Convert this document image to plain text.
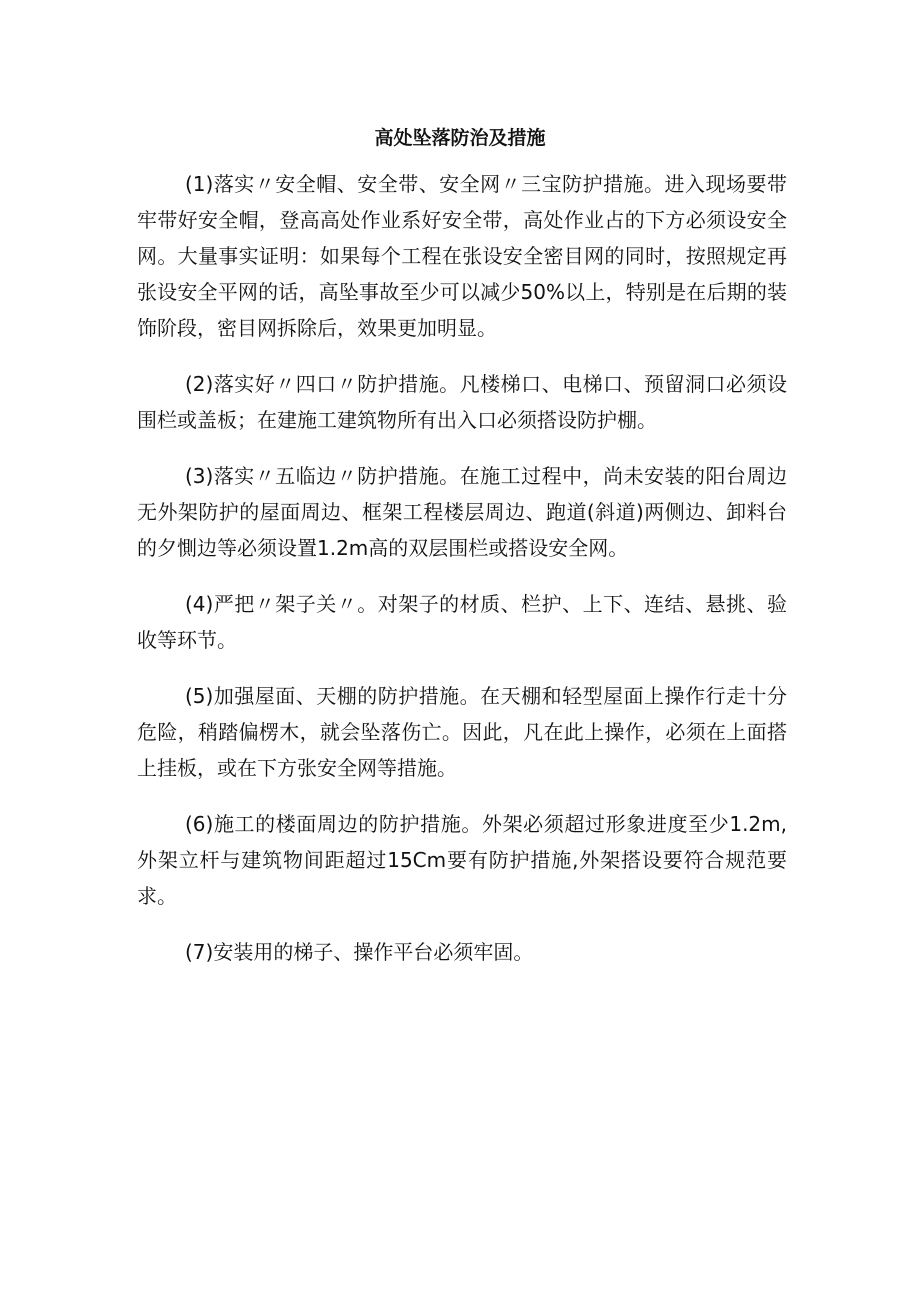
高处坠落防治及措施

(1)落实〃安全帽、安全带、安全网〃三宝防护措施。进入现场要带牢带好安全帽，登高高处作业系好安全带，高处作业占的下方必须设安全网。大量事实证明：如果每个工程在张设安全密目网的同时，按照规定再张设安全平网的话，高坠事故至少可以减少50%以上，特别是在后期的装饰阶段，密目网拆除后，效果更加明显。

(2)落实好〃四口〃防护措施。凡楼梯口、电梯口、预留洞口必须设围栏或盖板；在建施工建筑物所有出入口必须搭设防护棚。

(3)落实〃五临边〃防护措施。在施工过程中，尚未安装的阳台周边无外架防护的屋面周边、框架工程楼层周边、跑道(斜道)两侧边、卸料台的夕惻边等必须设置1.2m高的双层围栏或搭设安全网。

(4)严把〃架子关〃。对架子的材质、栏护、上下、连结、悬挑、验收等环节。

(5)加强屋面、天棚的防护措施。在天棚和轻型屋面上操作行走十分危险，稍踏偏楞木，就会坠落伤亡。因此，凡在此上操作，必须在上面搭上挂板，或在下方张安全网等措施。

(6)施工的楼面周边的防护措施。外架必须超过形象进度至少1.2m,外架立杆与建筑物间距超过15Cm要有防护措施,外架搭设要符合规范要求。

(7)安装用的梯子、操作平台必须牢固。
